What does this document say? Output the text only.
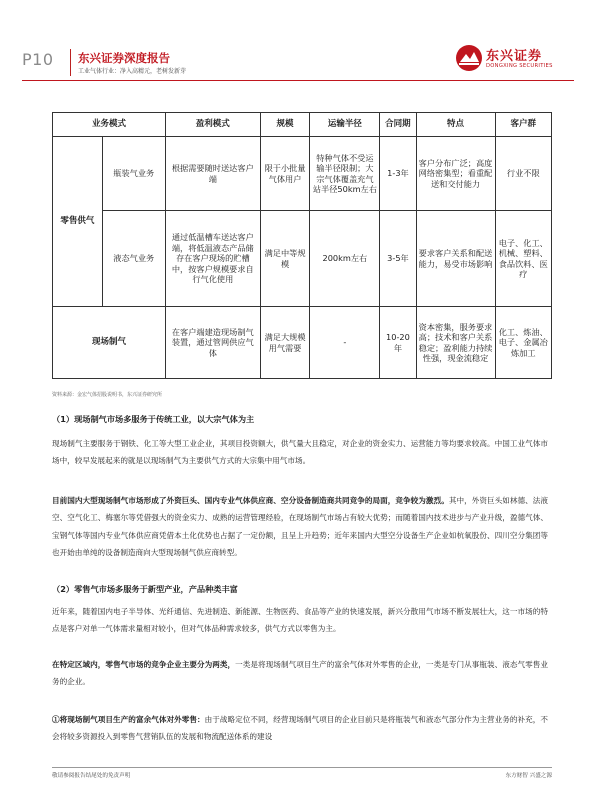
P10 东兴证券深度报告
工业气体行业：净入高精元，老树发新芽
东兴证券
DONGXING SECURITIES
业务模式		盈利模式	规模	运输半径	合同期	特点	客户群
零售供气	瓶装气业务	根据需要随时送达客户端	限于小批量气体用户	特种气体不受运输半径限制；大宗气体覆盖充气站半径50km左右	1-3年	客户分布广泛；高度网络密集型；看重配送和交付能力	行业不限
	液态气业务	通过低温槽车送达客户端，将低温液态产品储存在客户现场的贮槽中，按客户规模要求自行气化使用	满足中等规模	200km左右	3-5年	要求客户关系和配送能力，易受市场影响	电子、化工、机械、塑料、食品饮料、医疗
现场制气		在客户端建造现场制气装置，通过管网供应气体	满足大规模用气需要	-	10-20年	资本密集，服务要求高；技术和客户关系稳定；盈利能力持续性强，现金流稳定	化工、炼油、电子、金属冶炼加工
资料来源：金宏气体招股说明书，东兴证券研究所
（1）现场制气市场多服务于传统工业，以大宗气体为主
现场制气主要服务于钢铁、化工等大型工业企业，其项目投资额大，供气量大且稳定，对企业的资金实力、运营能力等均要求较高。中国工业气体市场中，较早发展起来的就是以现场制气为主要供气方式的大宗集中用气市场。
目前国内大型现场制气市场形成了外资巨头、国内专业气体供应商、空分设备制造商共同竞争的局面，竞争较为激烈。其中，外资巨头如林德、法液空、空气化工、梅塞尔等凭借强大的资金实力、成熟的运营管理经验，在现场制气市场占有较大优势；而随着国内技术进步与产业升级，盈德气体、宝钢气体等国内专业气体供应商凭借本土化优势也占据了一定份额，且呈上升趋势；近年来国内大型空分设备生产企业如杭氧股份、四川空分集团等也开始由单纯的设备制造商向大型现场制气供应商转型。
（2）零售气市场多服务于新型产业，产品种类丰富
近年来，随着国内电子半导体、光纤通信、先进制造、新能源、生物医药、食品等产业的快速发展，新兴分散用气市场不断发展壮大，这一市场的特点是客户对单一气体需求量相对较小，但对气体品种需求较多，供气方式以零售为主。
在特定区域内，零售气市场的竞争企业主要分为两类，一类是将现场制气项目生产的富余气体对外零售的企业，一类是专门从事瓶装、液态气零售业务的企业。
①将现场制气项目生产的富余气体对外零售：由于战略定位不同，经营现场制气项目的企业目前只是将瓶装气和液态气部分作为主营业务的补充，不会将较多资源投入到零售气营销队伍的发展和物流配送体系的建设
敬请参阅报告结尾处的免责声明	东方财智 兴盛之源
